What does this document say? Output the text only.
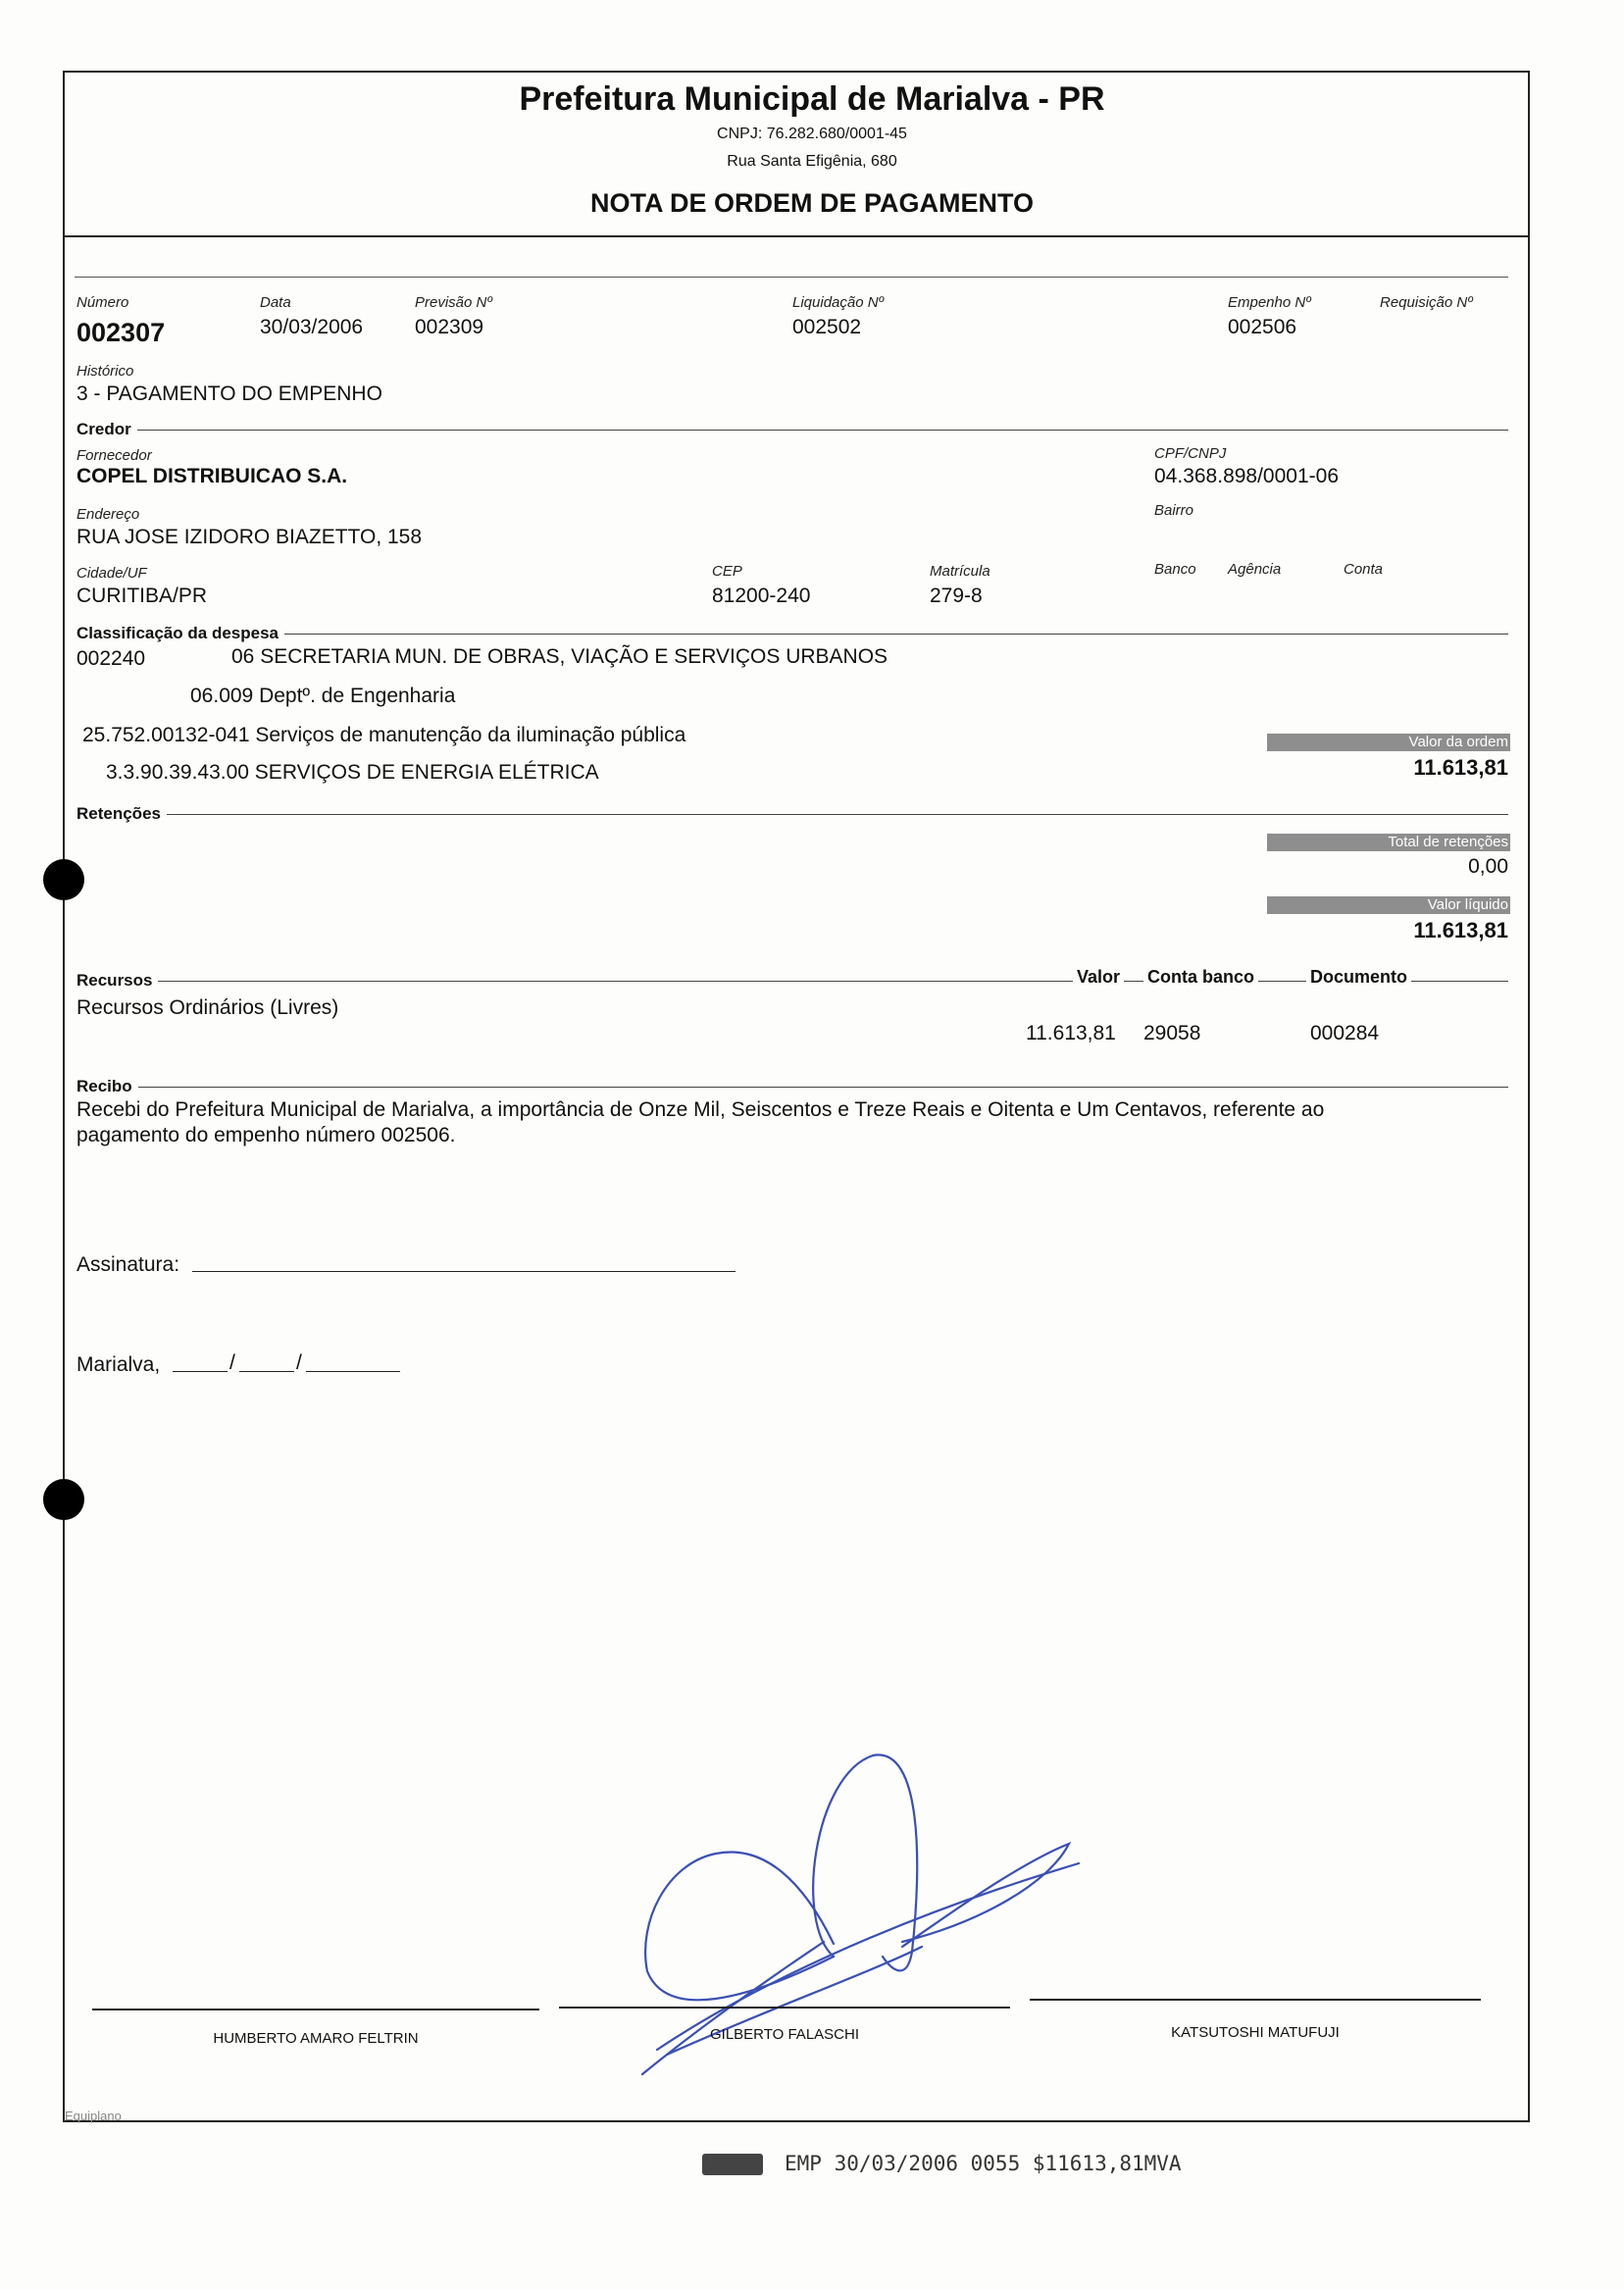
Prefeitura Municipal de Marialva - PR
CNPJ: 76.282.680/0001-45
Rua Santa Efigênia, 680
NOTA DE ORDEM DE PAGAMENTO
Número
002307
Data
30/03/2006
Previsão Nº
002309
Liquidação Nº
002502
Empenho Nº
002506
Requisição Nº
Histórico
3 - PAGAMENTO DO EMPENHO
Credor
Fornecedor
COPEL DISTRIBUICAO S.A.
CPF/CNPJ
04.368.898/0001-06
Endereço
RUA JOSE IZIDORO BIAZETTO, 158
Bairro
Cidade/UF
CURITIBA/PR
CEP
81200-240
Matrícula
279-8
Banco Agência	Conta
Classificação da despesa
002240	06 SECRETARIA MUN. DE OBRAS, VIAÇÃO E SERVIÇOS URBANOS
06.009 Deptº. de Engenharia
25.752.00132-041 Serviços de manutenção da iluminação pública
3.3.90.39.43.00 SERVIÇOS DE ENERGIA ELÉTRICA
Valor da ordem
11.613,81
Retenções
Total de retenções
0,00
Valor líquido
11.613,81
Recursos	Valor Conta banco	Documento
Recursos Ordinários (Livres)
11.613,81 29058	000284
Recibo
Recebi do Prefeitura Municipal de Marialva, a importância de Onze Mil, Seiscentos e Treze Reais e Oitenta e Um Centavos, referente ao
pagamento do empenho número 002506.
Assinatura:
Marialva,	/	/
HUMBERTO AMARO FELTRIN	GILBERTO FALASCHI	KATSUTOSHI MATUFUJI
Equiplano
EMP 30/03/2006 0055 $11613,81MVA
